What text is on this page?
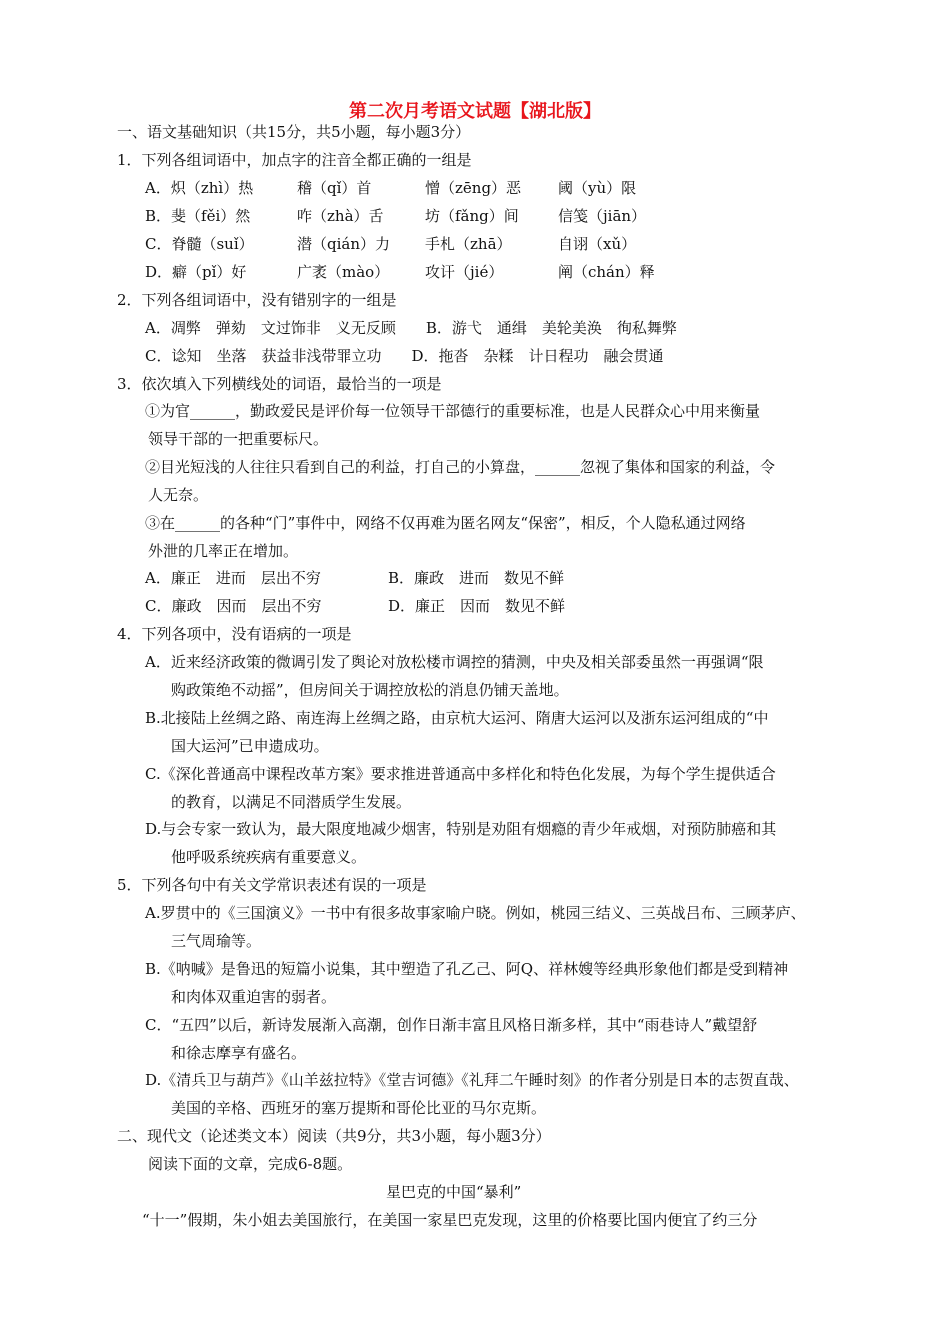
第二次月考语文试题【湖北版】
一、语文基础知识（共15分，共5小题，每小题3分）
1．下列各组词语中，加点字的注音全都正确的一组是
A．炽（zhì）热	稽（qǐ）首	憎（zēng）恶 阈（yù）限
B．斐（fěi）然	咋（zhà）舌	坊（fǎng）间	信笺（jiān）
C．脊髓（suǐ）	潜（qián）力 手札（zhā）	自诩（xǔ）
D．癖（pǐ）好	广袤（mào） 攻讦（jié）	阐（chán）释
2．下列各组词语中，没有错别字的一组是
A．凋弊　弹劾　文过饰非　义无反顾　　B．游弋　通缉　美轮美涣　徇私舞弊
C．谂知　坐落　获益非浅带罪立功　　D．拖沓　杂糅　计日程功　融会贯通
3．依次填入下列横线处的词语，最恰当的一项是
①为官______，勤政爱民是评价每一位领导干部德行的重要标准，也是人民群众心中用来衡量
领导干部的一把重要标尺。
②目光短浅的人往往只看到自己的利益，打自己的小算盘，______忽视了集体和国家的利益，令
人无奈。
③在______的各种“门”事件中，网络不仅再难为匿名网友“保密”，相反，个人隐私通过网络
外泄的几率正在增加。
A．廉正　进而　层出不穷	B．廉政　进而　数见不鲜
C．廉政　因而　层出不穷	D．廉正　因而　数见不鲜
4．下列各项中，没有语病的一项是
A．近来经济政策的微调引发了舆论对放松楼市调控的猜测，中央及相关部委虽然一再强调“限
购政策绝不动摇”，但房间关于调控放松的消息仍铺天盖地。
B.北接陆上丝绸之路、南连海上丝绸之路，由京杭大运河、隋唐大运河以及浙东运河组成的“中
国大运河”已申遗成功。
C.《深化普通高中课程改革方案》要求推进普通高中多样化和特色化发展，为每个学生提供适合
的教育，以满足不同潜质学生发展。
D.与会专家一致认为，最大限度地减少烟害，特别是劝阻有烟瘾的青少年戒烟，对预防肺癌和其
他呼吸系统疾病有重要意义。
5．下列各句中有关文学常识表述有误的一项是
A.罗贯中的《三国演义》一书中有很多故事家喻户晓。例如，桃园三结义、三英战吕布、三顾茅庐、
三气周瑜等。
B.《呐喊》是鲁迅的短篇小说集，其中塑造了孔乙己、阿Q、祥林嫂等经典形象他们都是受到精神
和肉体双重迫害的弱者。
C．“五四”以后，新诗发展渐入高潮，创作日渐丰富且风格日渐多样，其中“雨巷诗人”戴望舒
和徐志摩享有盛名。
D.《清兵卫与葫芦》《山羊兹拉特》《堂吉诃德》《礼拜二午睡时刻》的作者分别是日本的志贺直哉、
美国的辛格、西班牙的塞万提斯和哥伦比亚的马尔克斯。
二、现代文（论述类文本）阅读（共9分，共3小题，每小题3分）
阅读下面的文章，完成6-8题。
星巴克的中国“暴利”
“十一”假期，朱小姐去美国旅行，在美国一家星巴克发现，这里的价格要比国内便宜了约三分
